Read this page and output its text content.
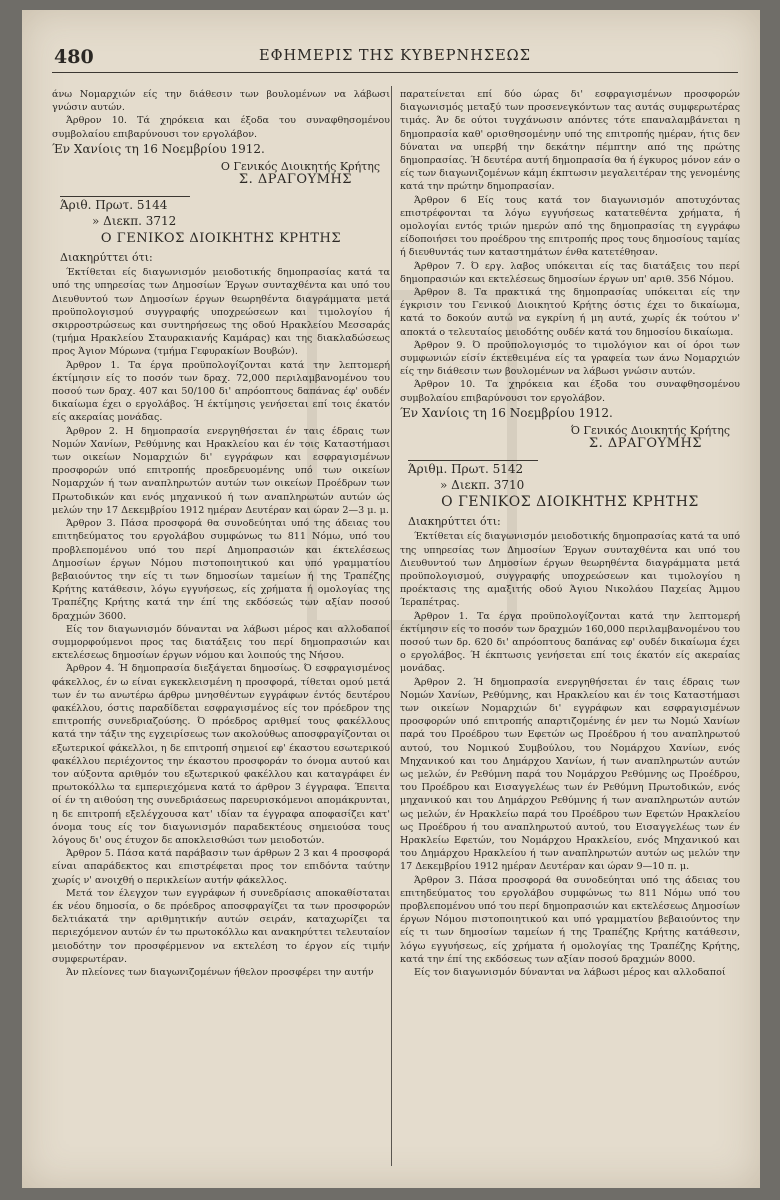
480	ΕΦΗΜΕΡΙΣ ΤΗΣ ΚΥΒΕΡΝΗΣΕΩΣ

άνω Νομαρχιών είς την διάθεσιν των βουλομένων να λάβωσι γνώσιν αυτών.

Άρθρον 10. Τά χηρόκεια και έξοδα του συναφθησομένου συμβολαίου επιβαρύνουσι τον εργολάβον.

Έν Χανίοις τη 16 Νοεμβρίου 1912.

Ο Γενικός Διοικητής Κρήτης

Σ. ΔΡΑΓΟΥΜΗΣ

Άριθ. Πρωτ. 5144

» Διεκπ. 3712

Ο ΓΕΝΙΚΟΣ ΔΙΟΙΚΗΤΗΣ ΚΡΗΤΗΣ

Διακηρύττει ότι:

Έκτίθεται είς διαγωνισμόν μειοδοτικής δημοπρασίας κατά τα υπό της υπηρεσίας των Δημοσίων Έργων συνταχθέντα και υπό του Διευθυντού των Δημοσίων έργων θεωρηθέντα διαγράμματα μετά προϋπολογισμού συγγραφής υποχρεώσεων και τιμολογίου ή σκιρροστρώσεως και συντηρήσεως της οδού Ηρακλείου Μεσσαράς (τμήμα Ηρακλείου Σταυρακιανής Καμάρας) και της διακλαδώσεως προς Άγιον Μύρωνα (τμήμα Γεφυρακίων Βουβών).

Άρθρον 1. Τα έργα προϋπολογίζονται κατά την λεπτομερή έκτίμησιν είς το ποσόν των δραχ. 72,000 περιλαμβανομένου του ποσού των δραχ. 407 και 50/100 δι' απρόοπτους δαπάνας έφ' ουδέν δικαίωμα έχει ο εργολάβος. Ή έκτίμησις γενήσεται επί τοις έκατόν είς ακεραίας μονάδας.

Άρθρον 2. Η δημοπρασία ενεργηθήσεται έν ταις έδραις των Νομών Χανίων, Ρεθύμνης και Ηρακλείου και έν τοις Καταστήμασι των οικείων Νομαρχιών δι' εγγράφων και εσφραγισμένων προσφορών υπό επιτροπής προεδρευομένης υπό των οικείων Νομαρχών ή των αναπληρωτών αυτών των οικείων Προέδρων των Πρωτοδικών και ενός μηχανικού ή των αναπληρωτών αυτών ώς μελών την 17 Δεκεμβρίου 1912 ημέραν Δευτέραν και ώραν 2—3 μ. μ.

Άρθρον 3. Πάσα προσφορά θα συνοδεύηται υπό της άδειας του επιτηδεύματος του εργολάβου συμφώνως τω 811 Νόμω, υπό του προβλεπομένου υπό του περί Δημοπρασιών και έκτελέσεως Δημοσίων έργων Νόμου πιστοποιητικού και υπό γραμματίου βεβαιούντος την είς τι των δημοσίων ταμείων ή της Τραπέζης Κρήτης κατάθεσιν, λόγω εγγυήσεως, είς χρήματα ή ομολογίας της Τραπέζης Κρήτης κατά την έπί της εκδόσεώς των αξίαν ποσού δραχμών 3600.

Είς τον διαγωνισμόν δύνανται να λάβωσι μέρος και αλλοδαποί συμμορφούμενοι προς τας διατάξεις του περί δημοπρασιών και εκτελέσεως δημοσίων έργων νόμου και λοιπούς της Νήσου.

Άρθρον 4. Ή δημοπρασία διεξάγεται δημοσίως. Ό εσφραγισμένος φάκελλος, έν ω είναι εγκεκλεισμένη η προσφορά, τίθεται ομού μετά των έν τω ανωτέρω άρθρω μνησθέντων εγγράφων έντός δευτέρου φακέλλου, όστις παραδίδεται εσφραγισμένος είς τον πρόεδρον της επιτροπής συνεδριαζούσης. Ό πρόεδρος αριθμεί τους φακέλλους κατά την τάξιν της εγχειρίσεως των ακολούθως αποσφραγίζονται οι εξωτερικοί φάκελλοι, η δε επιτροπή σημειοί εφ' έκαστου εσωτερικού φακέλλου περιέχοντος την έκαστου προσφοράν το όνομα αυτού και τον αύξοντα αριθμόν του εξωτερικού φακέλλου και καταγράφει έν πρωτοκόλλω τα εμπεριεχόμενα κατά το άρθρον 3 έγγραφα. Έπειτα οί έν τη αιθούση της συνεδριάσεως παρευρισκόμενοι απομάκρυνται, η δε επιτροπή εξελέγχουσα κατ' ιδίαν τα έγγραφα αποφασίζει κατ' όνομα τους είς τον διαγωνισμόν παραδεκτέους σημειούσα τους λόγους δι' ους έτυχον δε αποκλεισθώσι των μειοδοτών.

Άρθρον 5. Πάσα κατά παράβασιν των άρθρων 2 3 και 4 προσφορά είναι απαράδεκτος και επιστρέφεται προς τον επιδόντα ταύτην χωρίς ν' ανοιχθή ο περικλείων αυτήν φάκελλος.

Μετά τον έλεγχον των εγγράφων ή συνεδρίασις αποκαθίσταται έκ νέου δημοσία, ο δε πρόεδρος αποσφραγίζει τα των προσφορών δελτιάκατά την αριθμητικήν αυτών σειράν, καταχωρίζει τα περιεχόμενον αυτών έν τω πρωτοκόλλω και ανακηρύττει τελευταίον μειοδότην τον προσφέρμενον να εκτελέση το έργον είς τιμήν συμφερωτέραν.

Άν πλείονες των διαγωνιζομένων ήθελον προσφέρει την αυτήν

παρατείνεται επί δύο ώρας δι' εσφραγισμένων προσφορών διαγωνισμός μεταξύ των προσενεγκόντων τας αυτάς συμφερωτέρας τιμάς. Άν δε ούτοι τυγχάνωσιν απόντες τότε επαναλαμβάνεται η δημοπρασία καθ' ορισθησομένην υπό της επιτροπής ημέραν, ήτις δεν δύναται να υπερβή την δεκάτην πέμπτην από της πρώτης δημοπρασίας. Ή δευτέρα αυτή δημοπρασία θα ή έγκυρος μόνον εάν ο είς των διαγωνιζομένων κάμη έκπτωσιν μεγαλειτέραν της γενομένης κατά την πρώτην δημοπρασίαν.

Άρθρον 6 Είς τους κατά τον διαγωνισμόν αποτυχόντας επιστρέφονται τα λόγω εγγυήσεως κατατεθέντα χρήματα, ή ομολογίαι εντός τριών ημερών από της δημοπρασίας τη εγγράφω είδοποιήσει του προέδρου της επιτροπής προς τους δημοσίους ταμίας ή διευθυντάς των καταστημάτων ένθα κατετέθησαν.

Άρθρον 7. Ό εργ. λαβος υπόκειται είς τας διατάξεις του περί δημοπρασιών και εκτελέσεως δημοσίων έργων υπ' αριθ. 356 Νόμου.

Άρθρον 8. Τα πρακτικά της δημοπρασίας υπόκειται είς την έγκρισιν του Γενικού Διοικητού Κρήτης όστις έχει το δικαίωμα, κατά το δοκούν αυτώ να εγκρίνη ή μη αυτά, χωρίς έκ τούτου ν' αποκτά ο τελευταίος μειοδότης ουδέν κατά του δημοσίου δικαίωμα.

Άρθρον 9. Ό προϋπολογισμός το τιμολόγιον και οί όροι των συμφωνιών είσίν έκτεθειμένα είς τα γραφεία των άνω Νομαρχιών είς την διάθεσιν των βουλομένων να λάβωσι γνώσιν αυτών.

Άρθρον 10. Τα χηρόκεια και έξοδα του συναφθησομένου συμβολαίου επιβαρύνουσι τον εργολάβον.

Έν Χανίοις τη 16 Νοεμβρίου 1912.

Ό Γενικός Διοικητής Κρήτης

Σ. ΔΡΑΓΟΥΜΗΣ

Άριθμ. Πρωτ. 5142

» Διεκπ. 3710

Ο ΓΕΝΙΚΟΣ ΔΙΟΙΚΗΤΗΣ ΚΡΗΤΗΣ

Διακηρύττει ότι:

Έκτίθεται είς διαγωνισμόν μειοδοτικής δημοπρασίας κατά τα υπό της υπηρεσίας των Δημοσίων Έργων συνταχθέντα και υπό του Διευθυντού των Δημοσίων έργων θεωρηθέντα διαγράμματα μετά προϋπολογισμού, συγγραφής υποχρεώσεων και τιμολογίου η προέκτασις της αμαξιτής οδού Άγιου Νικολάου Παχείας Άμμου Ίεραπέτρας.

Άρθρον 1. Τα έργα προϋπολογίζονται κατά την λεπτομερή έκτίμησιν είς το ποσόν των δραχμών 160,000 περιλαμβανομένου του ποσού των δρ. 620 δι' απρόοπτους δαπάνας εφ' ουδέν δικαίωμα έχει ο εργολάβος. Ή έκπτωσις γενήσεται επί τοις έκατόν είς ακεραίας μονάδας.

Άρθρον 2. Ή δημοπρασία ενεργηθήσεται έν ταις έδραις των Νομών Χανίων, Ρεθύμνης, και Ηρακλείου και έν τοις Καταστήμασι των οικείων Νομαρχιών δι' εγγράφων και εσφραγισμένων προσφορών υπό επιτροπής απαρτιζομένης έν μεν τω Νομώ Χανίων παρά του Προέδρου των Εφετών ως Προέδρου ή του αναπληρωτού αυτού, του Νομικού Συμβούλου, του Νομάρχου Χανίων, ενός Μηχανικού και του Δημάρχου Χανίων, ή των αναπληρωτών αυτών ως μελών, έν Ρεθύμνη παρά του Νομάρχου Ρεθύμνης ως Προέδρου, του Προέδρου και Εισαγγελέως των έν Ρεθύμνη Πρωτοδικών, ενός μηχανικού και του Δημάρχου Ρεθύμνης ή των αναπληρωτών αυτών ως μελών, έν Ηρακλείω παρά του Προέδρου των Εφετών Ηρακλείου ως Προέδρου ή του αναπληρωτού αυτού, του Εισαγγελέως των έν Ηρακλείω Εφετών, του Νομάρχου Ηρακλείου, ενός Μηχανικού και του Δημάρχου Ηρακλείου ή των αναπληρωτών αυτών ως μελών την 17 Δεκεμβρίου 1912 ημέραν Δευτέραν και ώραν 9—10 π. μ.

Άρθρον 3. Πάσα προσφορά θα συνοδεύηται υπό της άδειας του επιτηδεύματος του εργολάβου συμφώνως τω 811 Νόμω υπό του προβλεπομένου υπό του περί δημοπρασιών και εκτελέσεως Δημοσίων έργων Νόμου πιστοποιητικού και υπό γραμματίου βεβαιούντος την είς τι των δημοσίων ταμείων ή της Τραπέζης Κρήτης κατάθεσιν, λόγω εγγυήσεως, είς χρήματα ή ομολογίας της Τραπέζης Κρήτης, κατά την έπί της εκδόσεως των αξίαν ποσού δραχμών 8000.

Είς τον διαγωνισμόν δύνανται να λάβωσι μέρος και αλλοδαποί
